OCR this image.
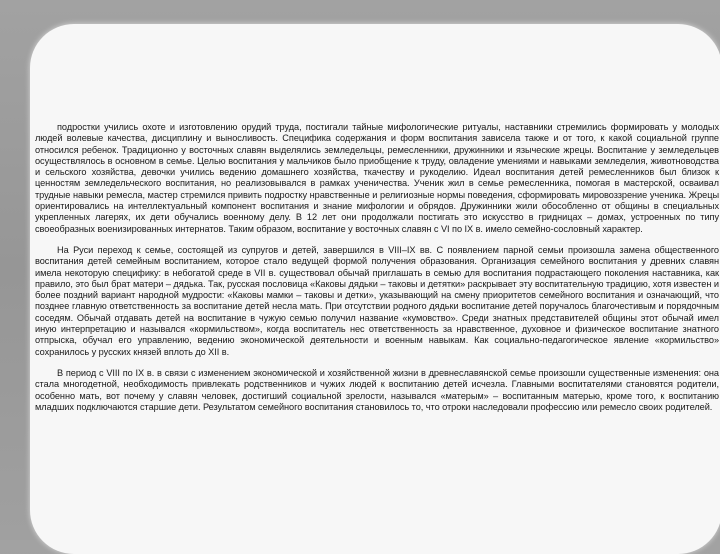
подростки учились охоте и изготовлению орудий труда, постигали тайные мифологические ритуалы, наставники стремились формировать у молодых людей волевые качества, дисциплину и выносливость. Специфика содержания и форм воспитания зависела также и от того, к какой социальной группе относился ребенок. Традиционно у восточных славян выделялись земледельцы, ремесленники, дружинники и языческие жрецы. Воспитание у земледельцев осуществлялось в основном в семье. Целью воспитания у мальчиков было приобщение к труду, овладение умениями и навыками земледелия, животноводства и сельского хозяйства, девочки учились ведению домашнего хозяйства, ткачеству и рукоделию. Идеал воспитания детей ремесленников был близок к ценностям земледельческого воспитания, но реализовывался в рамках ученичества. Ученик жил в семье ремесленника, помогая в мастерской, осваивал трудные навыки ремесла, мастер стремился привить подростку нравственные и религиозные нормы поведения, сформировать мировоззрение ученика. Жрецы ориентировались на интеллектуальный компонент воспитания и знание мифологии и обрядов. Дружинники жили обособленно от общины в специальных укрепленных лагерях, их дети обучались военному делу. В 12 лет они продолжали постигать это искусство в гридницах – домах, устроенных по типу своеобразных военизированных интернатов. Таким образом, воспитание у восточных славян с VI по IX в. имело семейно-сословный характер.

На Руси переход к семье, состоящей из супругов и детей, завершился в VIII–IX вв. С появлением парной семьи произошла замена общественного воспитания детей семейным воспитанием, которое стало ведущей формой получения образования. Организация семейного воспитания у древних славян имела некоторую специфику: в небогатой среде в VII в. существовал обычай приглашать в семью для воспитания подрастающего поколения наставника, как правило, это был брат матери – дядька. Так, русская пословица «Каковы дядьки – таковы и детятки» раскрывает эту воспитательную традицию, хотя известен и более поздний вариант народной мудрости: «Каковы мамки – таковы и детки», указывающий на смену приоритетов семейного воспитания и означающий, что позднее главную ответственность за воспитание детей несла мать. При отсутствии родного дядьки воспитание детей поручалось благочестивым и порядочным соседям. Обычай отдавать детей на воспитание в чужую семью получил название «кумовство». Среди знатных представителей общины этот обычай имел иную интерпретацию и назывался «кормильством», когда воспитатель нес ответственность за нравственное, духовное и физическое воспитание знатного отпрыска, обучал его управлению, ведению экономической деятельности и военным навыкам. Как социально-педагогическое явление «кормильство» сохранилось у русских князей вплоть до XII в.

В период с VIII по IX в. в связи с изменением экономической и хозяйственной жизни в древнеславянской семье произошли существенные изменения: она стала многодетной, необходимость привлекать родственников и чужих людей к воспитанию детей исчезла. Главными воспитателями становятся родители, особенно мать, вот почему у славян человек, достигший социальной зрелости, назывался «матерым» – воспитанным матерью, кроме того, к воспитанию младших подключаются старшие дети. Результатом семейного воспитания становилось то, что отроки наследовали профессию или ремесло своих родителей.
